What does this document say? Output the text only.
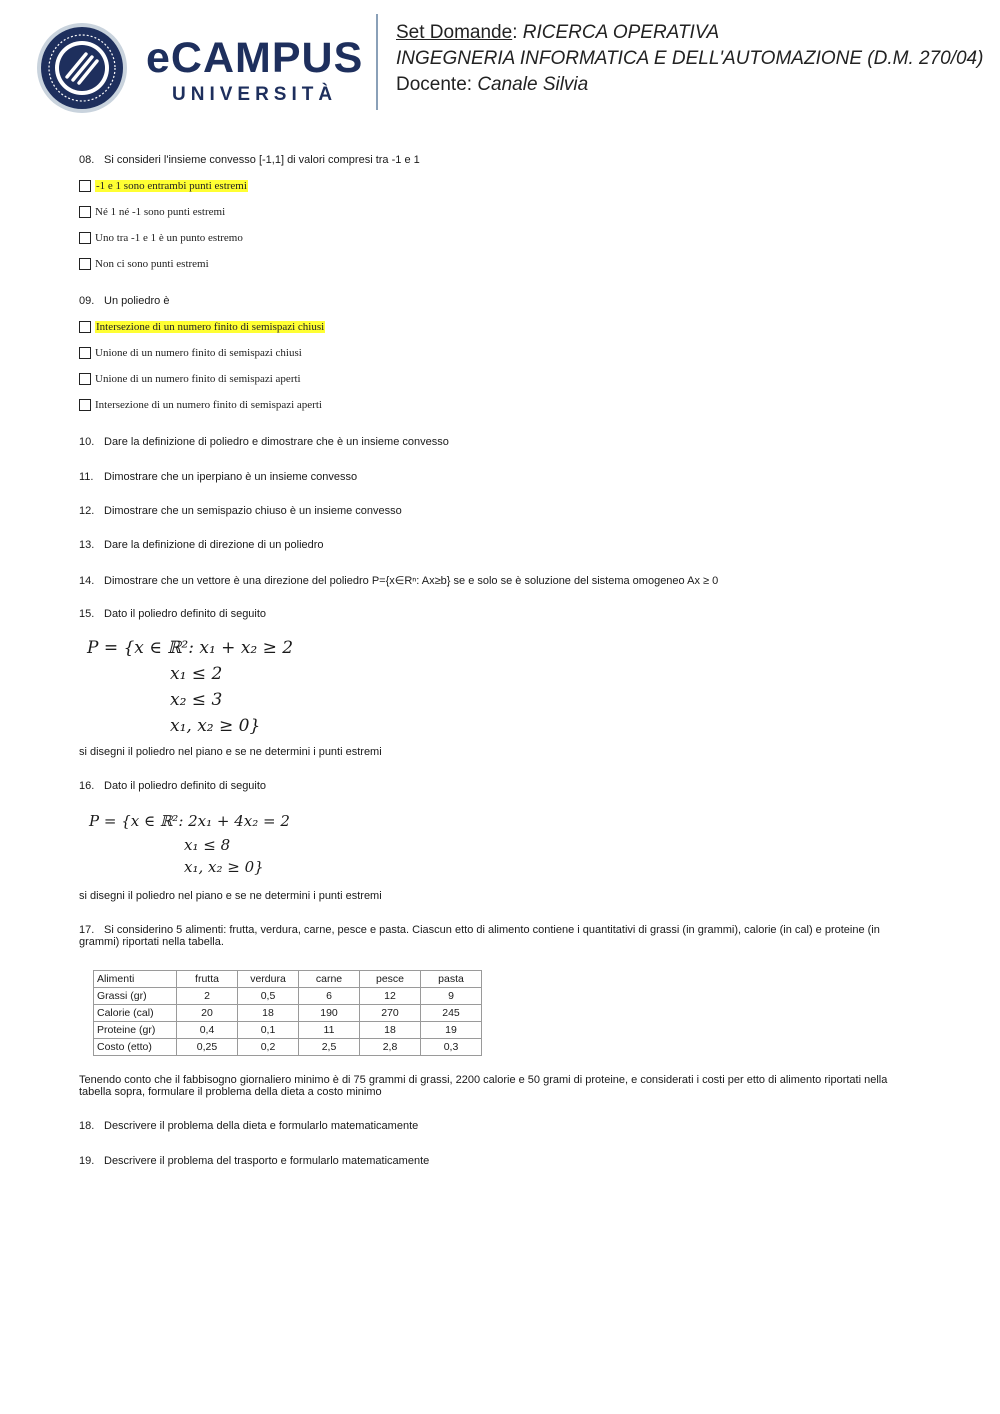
eCAMPUS
UNIVERSITÀ
Set Domande: RICERCA OPERATIVA
INGEGNERIA INFORMATICA E DELL'AUTOMAZIONE (D.M. 270/04)
Docente: Canale Silvia
08. Si consideri l'insieme convesso [-1,1] di valori compresi tra -1 e 1
-1 e 1 sono entrambi punti estremi
Né 1 né -1 sono punti estremi
Uno tra -1 e 1 è un punto estremo
Non ci sono punti estremi
09. Un poliedro è
Intersezione di un numero finito di semispazi chiusi
Unione di un numero finito di semispazi chiusi
Unione di un numero finito di semispazi aperti
Intersezione di un numero finito di semispazi aperti
10. Dare la definizione di poliedro e dimostrare che è un insieme convesso
11. Dimostrare che un iperpiano è un insieme convesso
12. Dimostrare che un semispazio chiuso è un insieme convesso
13. Dare la definizione di direzione di un poliedro
14. Dimostrare che un vettore è una direzione del poliedro P={x∈Rⁿ: Ax≥b} se e solo se è soluzione del sistema omogeneo Ax ≥ 0
15. Dato il poliedro definito di seguito
P = {x ∈ ℝ²: x₁ + x₂ ≥ 2
x₁ ≤ 2
x₂ ≤ 3
x₁, x₂ ≥ 0}
si disegni il poliedro nel piano e se ne determini i punti estremi
16. Dato il poliedro definito di seguito
P = {x ∈ ℝ²: 2x₁ + 4x₂ = 2
x₁ ≤ 8
x₁, x₂ ≥ 0}
si disegni il poliedro nel piano e se ne determini i punti estremi
17. Si considerino 5 alimenti: frutta, verdura, carne, pesce e pasta. Ciascun etto di alimento contiene i quantitativi di grassi (in grammi), calorie (in cal) e proteine (in grammi) riportati nella tabella.
Alimenti	frutta	verdura	carne	pesce	pasta
Grassi (gr)	2	0,5	6	12	9
Calorie (cal)	20	18	190	270	245
Proteine (gr)	0,4	0,1	11	18	19
Costo (etto)	0,25	0,2	2,5	2,8	0,3
Tenendo conto che il fabbisogno giornaliero minimo è di 75 grammi di grassi, 2200 calorie e 50 grami di proteine, e considerati i costi per etto di alimento riportati nella tabella sopra, formulare il problema della dieta a costo minimo
18. Descrivere il problema della dieta e formularlo matematicamente
19. Descrivere il problema del trasporto e formularlo matematicamente
